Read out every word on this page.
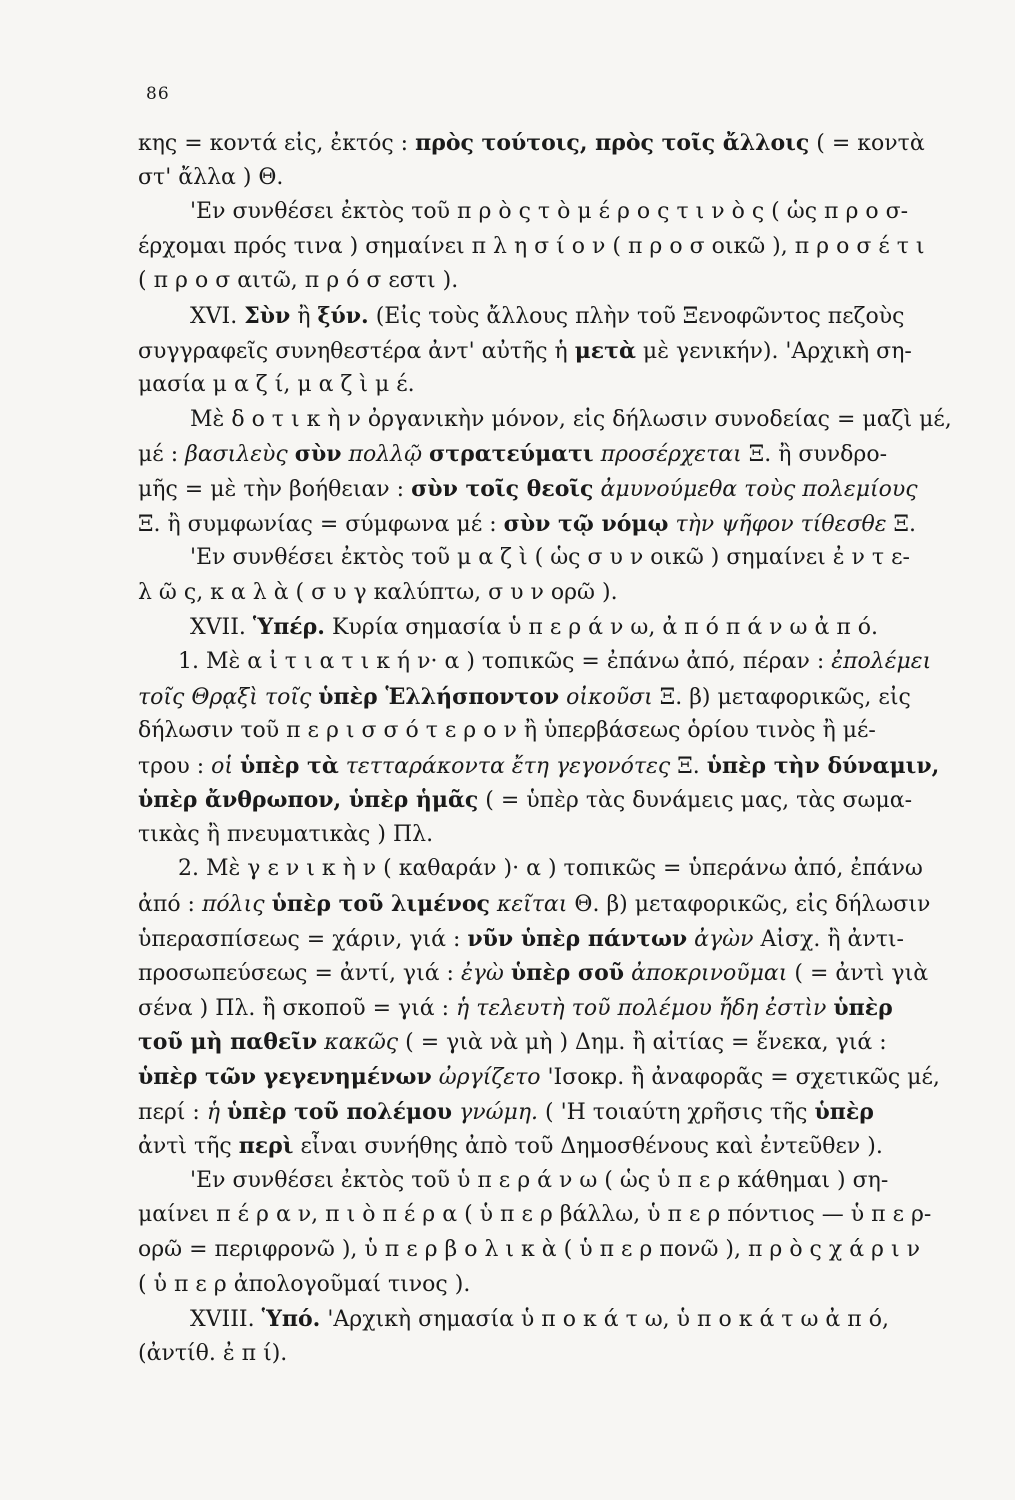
86
κης = κοντά εἰς, ἐκτός : πρὸς τούτοις, πρὸς τοῖς ἄλλοις ( = κοντὰ
στ' ἄλλα ) Θ.
'Εν συνθέσει ἐκτὸς τοῦ π ρ ὸ ς τ ὸ μ έ ρ ο ς τ ι ν ὸ ς ( ὡς π ρ ο σ-
έρχομαι πρός τινα ) σημαίνει π λ η σ ί ο ν ( π ρ ο σ οικῶ ), π ρ ο σ έ τ ι
( π ρ ο σ αιτῶ, π ρ ό σ εστι ).
XVI. Σὺν ἢ ξύν. (Εἰς τοὺς ἄλλους πλὴν τοῦ Ξενοφῶντος πεζοὺς
συγγραφεῖς συνηθεστέρα ἀντ' αὐτῆς ἡ μετὰ μὲ γενικήν). 'Αρχικὴ ση-
μασία μ α ζ ί, μ α ζ ὶ μ έ.
Μὲ δ ο τ ι κ ὴ ν ὀργανικὴν μόνον, εἰς δήλωσιν συνοδείας = μαζὶ μέ,
μέ : βασιλεὺς σὺν πολλῷ στρατεύματι προσέρχεται Ξ. ἢ συνδρο-
μῆς = μὲ τὴν βοήθειαν : σὺν τοῖς θεοῖς ἀμυνούμεθα τοὺς πολεμίους
Ξ. ἢ συμφωνίας = σύμφωνα μέ : σὺν τῷ νόμῳ τὴν ψῆφον τίθεσθε Ξ.
'Εν συνθέσει ἐκτὸς τοῦ μ α ζ ὶ ( ὡς σ υ ν οικῶ ) σημαίνει ἐ ν τ ε-
λ ῶ ς, κ α λ ὰ ( σ υ γ καλύπτω, σ υ ν ορῶ ).
XVII. Ὑπέρ. Κυρία σημασία ὑ π ε ρ ά ν ω, ἀ π ό π ά ν ω ἀ π ό.
1. Μὲ α ἰ τ ι α τ ι κ ή ν· α ) τοπικῶς = ἐπάνω ἀπό, πέραν : ἐπολέμει
τοῖς Θρᾳξὶ τοῖς ὑπὲρ Ἑλλήσποντον οἰκοῦσι Ξ. β) μεταφορικῶς, εἰς
δήλωσιν τοῦ π ε ρ ι σ σ ό τ ε ρ ο ν ἢ ὑπερβάσεως ὁρίου τινὸς ἢ μέ-
τρου : οἱ ὑπὲρ τὰ τετταράκοντα ἔτη γεγονότες Ξ. ὑπὲρ τὴν δύναμιν,
ὑπὲρ ἄνθρωπον, ὑπὲρ ἡμᾶς ( = ὑπὲρ τὰς δυνάμεις μας, τὰς σωμα-
τικὰς ἢ πνευματικὰς ) Πλ.
2. Μὲ γ ε ν ι κ ὴ ν ( καθαράν )· α ) τοπικῶς = ὑπεράνω ἀπό, ἐπάνω
ἀπό : πόλις ὑπὲρ τοῦ λιμένος κεῖται Θ. β) μεταφορικῶς, εἰς δήλωσιν
ὑπερασπίσεως = χάριν, γιά : νῦν ὑπὲρ πάντων ἀγὼν Αἰσχ. ἢ ἀντι-
προσωπεύσεως = ἀντί, γιά : ἐγὼ ὑπὲρ σοῦ ἀποκρινοῦμαι ( = ἀντὶ γιὰ
σένα ) Πλ. ἢ σκοποῦ = γιά : ἡ τελευτὴ τοῦ πολέμου ἤδη ἐστὶν ὑπὲρ
τοῦ μὴ παθεῖν κακῶς ( = γιὰ νὰ μὴ ) Δημ. ἢ αἰτίας = ἕνεκα, γιά :
ὑπὲρ τῶν γεγενημένων ὠργίζετο 'Ισοκρ. ἢ ἀναφορᾶς = σχετικῶς μέ,
περί : ἡ ὑπὲρ τοῦ πολέμου γνώμη. ( 'Η τοιαύτη χρῆσις τῆς ὑπὲρ
ἀντὶ τῆς περὶ εἶναι συνήθης ἀπὸ τοῦ Δημοσθένους καὶ ἐντεῦθεν ).
'Εν συνθέσει ἐκτὸς τοῦ ὑ π ε ρ ά ν ω ( ὡς ὑ π ε ρ κάθημαι ) ση-
μαίνει π έ ρ α ν, π ι ὸ π έ ρ α ( ὑ π ε ρ βάλλω, ὑ π ε ρ πόντιος — ὑ π ε ρ-
ορῶ = περιφρονῶ ), ὑ π ε ρ β ο λ ι κ ὰ ( ὑ π ε ρ πονῶ ), π ρ ὸ ς χ ά ρ ι ν
( ὑ π ε ρ ἀπολογοῦμαί τινος ).
XVIII. Ὑπό. 'Αρχικὴ σημασία ὑ π ο κ ά τ ω, ὑ π ο κ ά τ ω ἀ π ό,
(ἀντίθ. ἐ π ί).
